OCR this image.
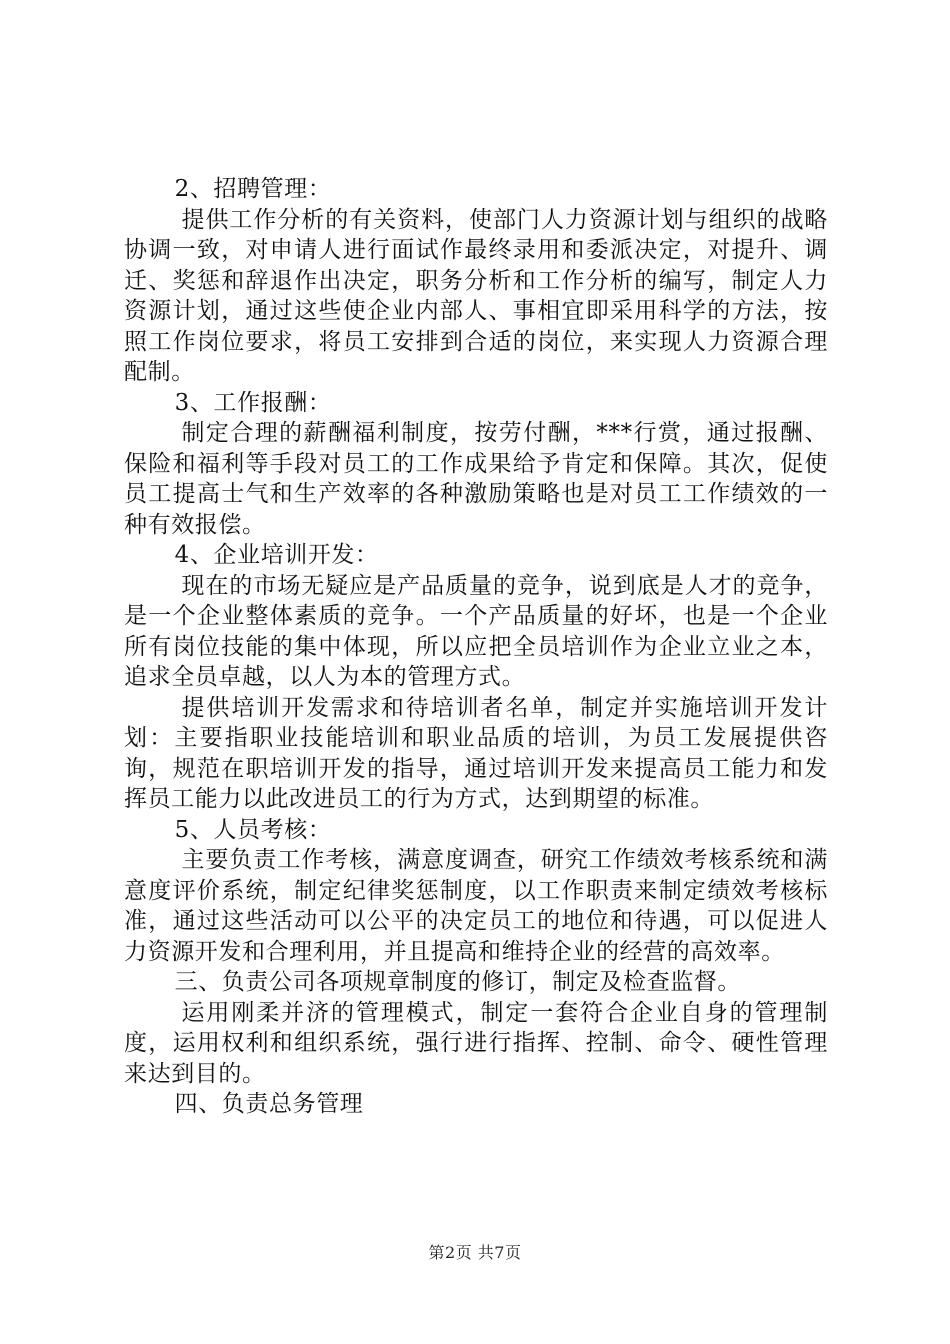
2、招聘管理：

提供工作分析的有关资料，使部门人力资源计划与组织的战略协调一致，对申请人进行面试作最终录用和委派决定，对提升、调迁、奖惩和辞退作出决定，职务分析和工作分析的编写，制定人力资源计划，通过这些使企业内部人、事相宜即采用科学的方法，按照工作岗位要求，将员工安排到合适的岗位，来实现人力资源合理配制。

3、工作报酬：

制定合理的薪酬福利制度，按劳付酬，***行赏，通过报酬、保险和福利等手段对员工的工作成果给予肯定和保障。其次，促使员工提高士气和生产效率的各种激励策略也是对员工工作绩效的一种有效报偿。

4、企业培训开发：

现在的市场无疑应是产品质量的竞争，说到底是人才的竞争，是一个企业整体素质的竞争。一个产品质量的好坏，也是一个企业所有岗位技能的集中体现，所以应把全员培训作为企业立业之本，追求全员卓越，以人为本的管理方式。

提供培训开发需求和待培训者名单，制定并实施培训开发计划：主要指职业技能培训和职业品质的培训，为员工发展提供咨询，规范在职培训开发的指导，通过培训开发来提高员工能力和发挥员工能力以此改进员工的行为方式，达到期望的标准。

5、人员考核：

主要负责工作考核，满意度调查，研究工作绩效考核系统和满意度评价系统，制定纪律奖惩制度，以工作职责来制定绩效考核标准，通过这些活动可以公平的决定员工的地位和待遇，可以促进人力资源开发和合理利用，并且提高和维持企业的经营的高效率。

三、负责公司各项规章制度的修订，制定及检查监督。

运用刚柔并济的管理模式，制定一套符合企业自身的管理制度，运用权利和组织系统，强行进行指挥、控制、命令、硬性管理来达到目的。

四、负责总务管理

第2页 共7页
